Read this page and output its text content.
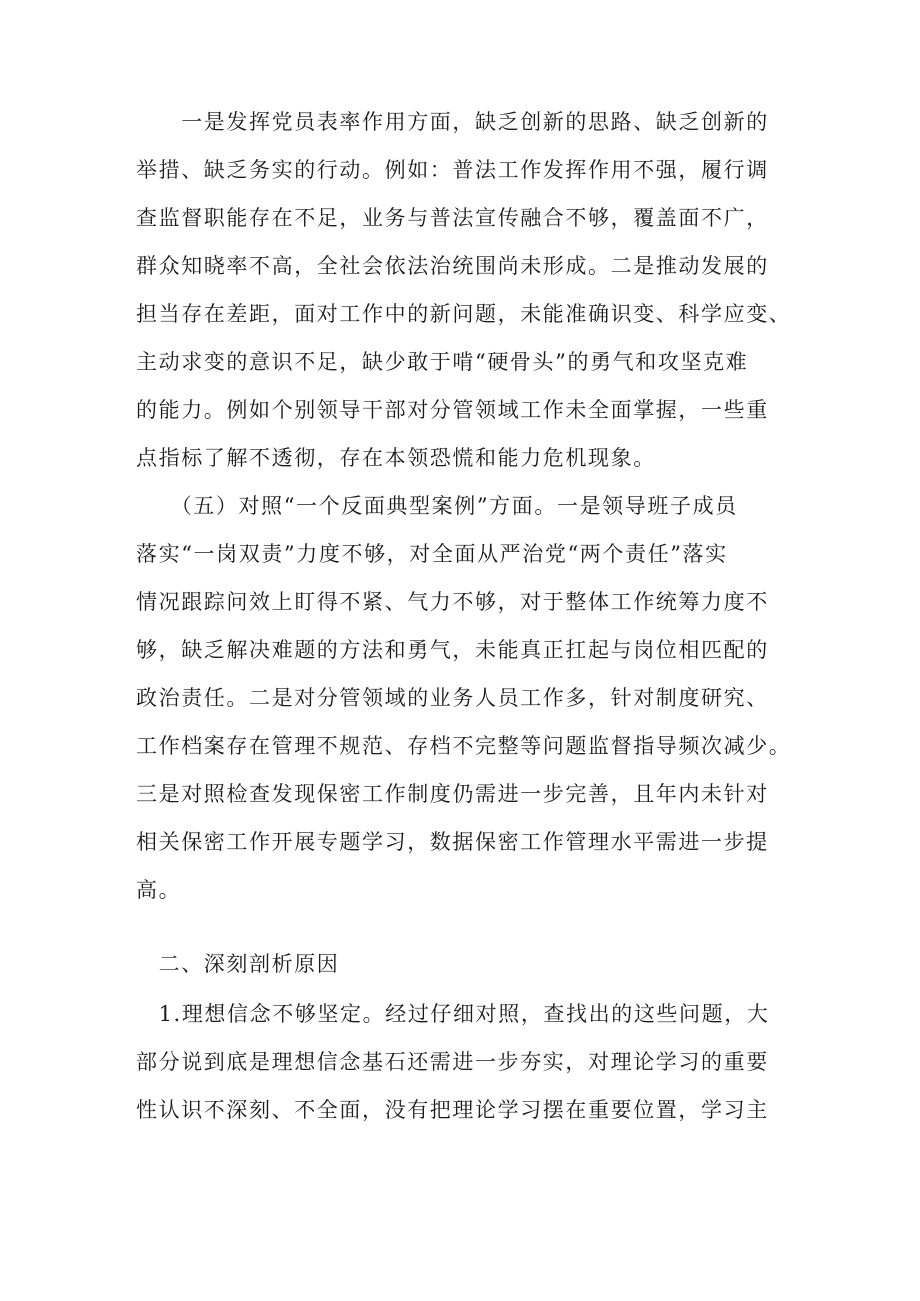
　　一是发挥党员表率作用方面，缺乏创新的思路、缺乏创新的
举措、缺乏务实的行动。例如：普法工作发挥作用不强，履行调
查监督职能存在不足，业务与普法宣传融合不够，覆盖面不广，
群众知晓率不高，全社会依法治统围尚未形成。二是推动发展的
担当存在差距，面对工作中的新问题，未能准确识变、科学应变、
主动求变的意识不足，缺少敢于啃“硬骨头”的勇气和攻坚克难
的能力。例如个别领导干部对分管领域工作未全面掌握，一些重
点指标了解不透彻，存在本领恐慌和能力危机现象。
　　（五）对照“一个反面典型案例”方面。一是领导班子成员
落实“一岗双责”力度不够，对全面从严治党“两个责任”落实
情况跟踪问效上盯得不紧、气力不够，对于整体工作统筹力度不
够，缺乏解决难题的方法和勇气，未能真正扛起与岗位相匹配的
政治责任。二是对分管领域的业务人员工作多，针对制度研究、
工作档案存在管理不规范、存档不完整等问题监督指导频次减少。
三是对照检查发现保密工作制度仍需进一步完善，且年内未针对
相关保密工作开展专题学习，数据保密工作管理水平需进一步提
高。
　二、深刻剖析原因
　1.理想信念不够坚定。经过仔细对照，查找出的这些问题，大
部分说到底是理想信念基石还需进一步夯实，对理论学习的重要
性认识不深刻、不全面，没有把理论学习摆在重要位置，学习主
